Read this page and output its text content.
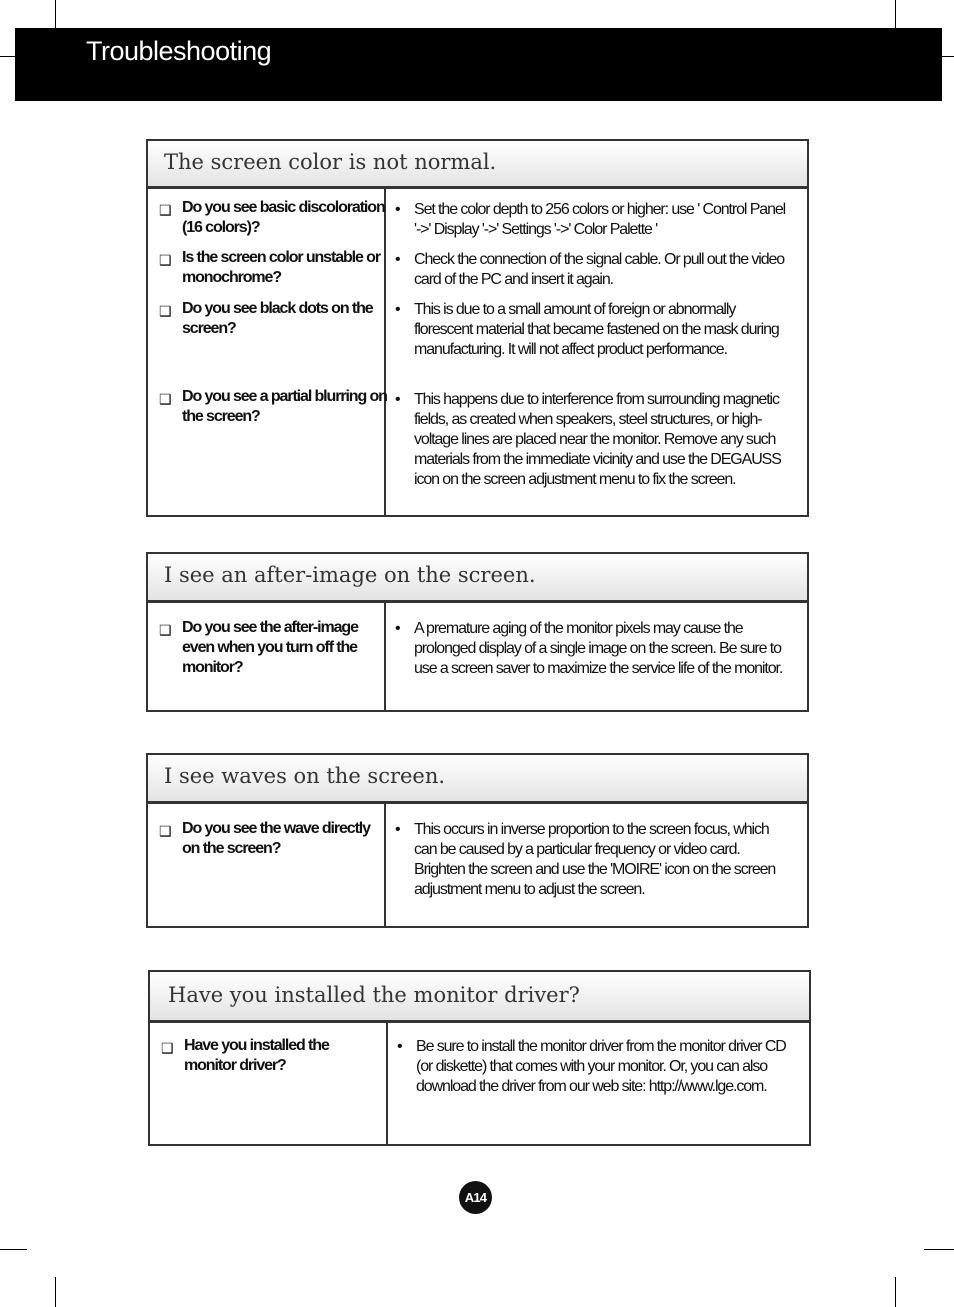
Troubleshooting
The screen color is not normal.
❑ Do you see basic discoloration (16 colors)?
❑ Is the screen color unstable or monochrome?
❑ Do you see black dots on the screen?
❑ Do you see a partial blurring on the screen?
• Set the color depth to 256 colors or higher: use ' Control Panel '->' Display '->' Settings '->' Color Palette '
• Check the connection of the signal cable. Or pull out the video card of the PC and insert it again.
• This is due to a small amount of foreign or abnormally florescent material that became fastened on the mask during manufacturing. It will not affect product performance.
• This happens due to interference from surrounding magnetic fields, as created when speakers, steel structures, or high-voltage lines are placed near the monitor. Remove any such materials from the immediate vicinity and use the DEGAUSS icon on the screen adjustment menu to fix the screen.
I see an after-image on the screen.
❑ Do you see the after-image even when you turn off the monitor?
• A premature aging of the monitor pixels may cause the prolonged display of a single image on the screen. Be sure to use a screen saver to maximize the service life of the monitor.
I see waves on the screen.
❑ Do you see the wave directly on the screen?
• This occurs in inverse proportion to the screen focus, which can be caused by a particular frequency or video card. Brighten the screen and use the 'MOIRE' icon on the screen adjustment menu to adjust the screen.
Have you installed the monitor driver?
❑ Have you installed the monitor driver?
• Be sure to install the monitor driver from the monitor driver CD (or diskette) that comes with your monitor. Or, you can also download the driver from our web site: http://www.lge.com.
A14
